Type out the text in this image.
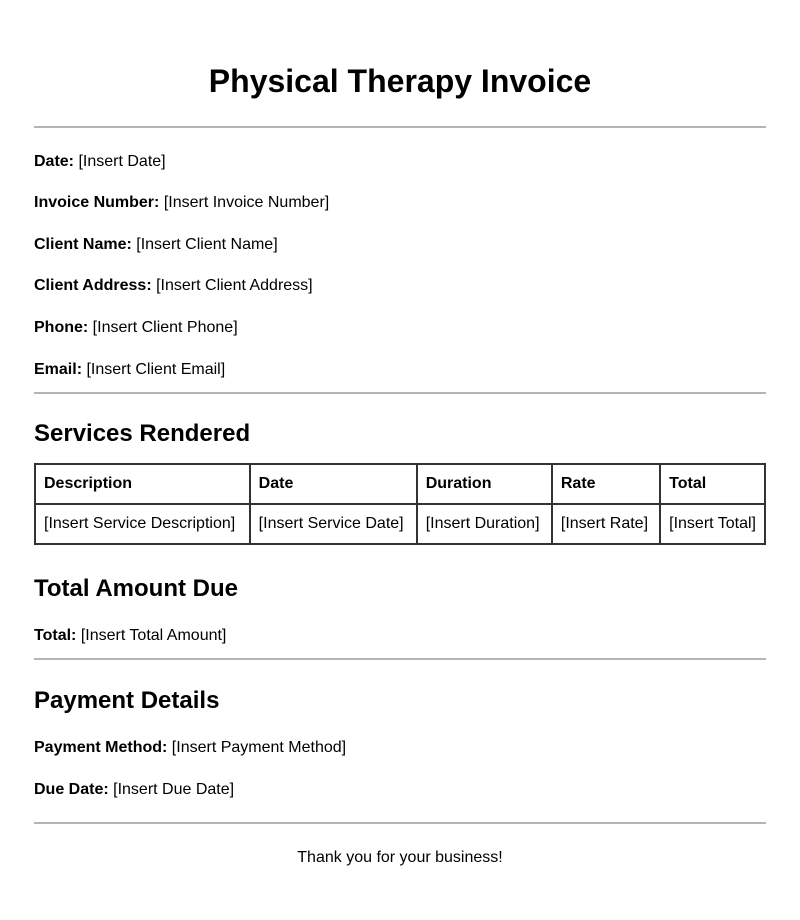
Physical Therapy Invoice

Date: [Insert Date]

Invoice Number: [Insert Invoice Number]

Client Name: [Insert Client Name]

Client Address: [Insert Client Address]

Phone: [Insert Client Phone]

Email: [Insert Client Email]

Services Rendered
Description	Date	Duration	Rate	Total
[Insert Service Description]	[Insert Service Date]	[Insert Duration]	[Insert Rate]	[Insert Total]
Total Amount Due

Total: [Insert Total Amount]

Payment Details

Payment Method: [Insert Payment Method]

Due Date: [Insert Due Date]

Thank you for your business!
